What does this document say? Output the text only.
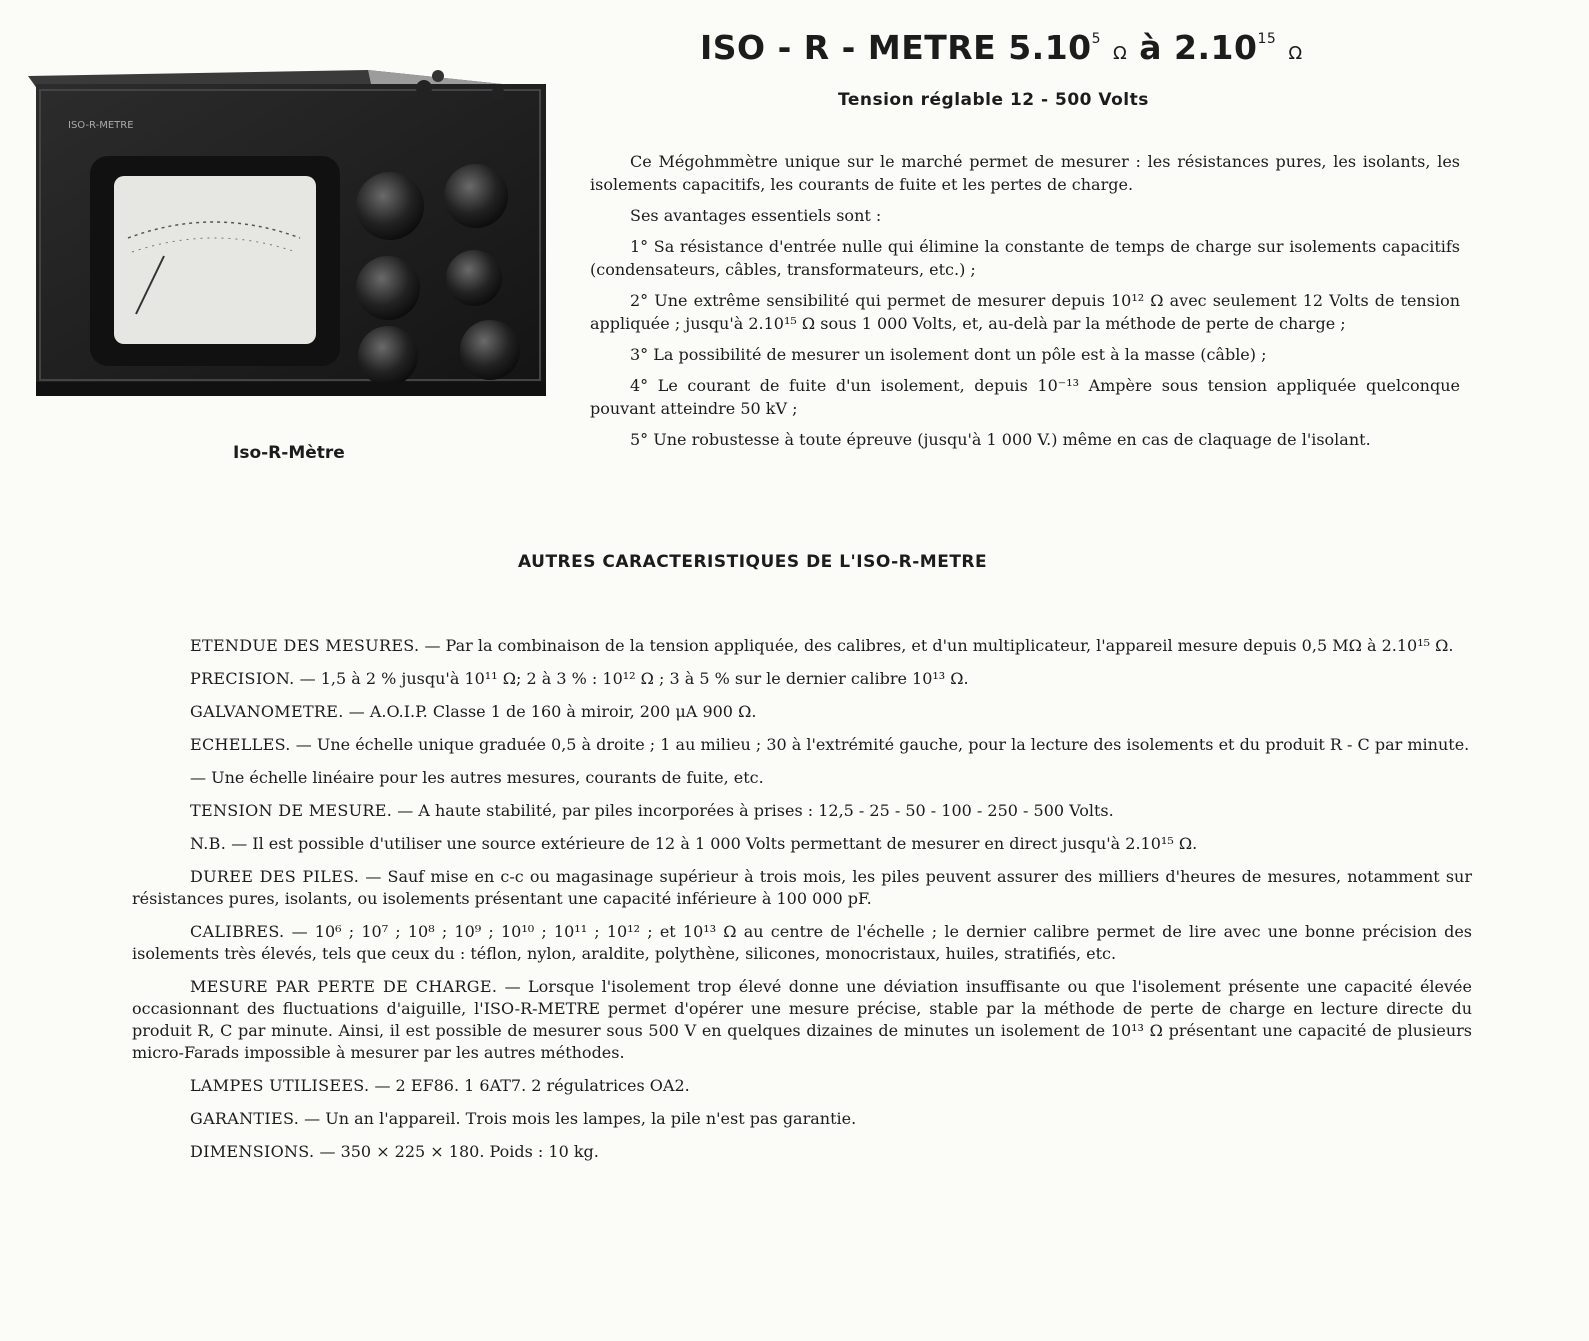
ISO - R - METRE 5.10$^5$ Ω à 2.10$^{15}$ Ω
Tension réglable 12 - 500 Volts
ISO-R-METRE
Iso-R-Mètre

Ce Mégohmmètre unique sur le marché permet de mesurer : les résistances pures, les isolants, les isolements capacitifs, les courants de fuite et les pertes de charge.

Ses avantages essentiels sont :

1° Sa résistance d'entrée nulle qui élimine la constante de temps de charge sur isolements capacitifs (condensateurs, câbles, transformateurs, etc.) ;

2° Une extrême sensibilité qui permet de mesurer depuis 10¹² Ω avec seulement 12 Volts de tension appliquée ; jusqu'à 2.10¹⁵ Ω sous 1 000 Volts, et, au-delà par la méthode de perte de charge ;

3° La possibilité de mesurer un isolement dont un pôle est à la masse (câble) ;

4° Le courant de fuite d'un isolement, depuis 10⁻¹³ Ampère sous tension appliquée quelconque pouvant atteindre 50 kV ;

5° Une robustesse à toute épreuve (jusqu'à 1 000 V.) même en cas de claquage de l'isolant.

AUTRES CARACTERISTIQUES DE L'ISO-R-METRE

ETENDUE DES MESURES. — Par la combinaison de la tension appliquée, des calibres, et d'un multiplicateur, l'appareil mesure depuis 0,5 MΩ à 2.10¹⁵ Ω.

PRECISION. — 1,5 à 2 % jusqu'à 10¹¹ Ω; 2 à 3 % : 10¹² Ω ; 3 à 5 % sur le dernier calibre 10¹³ Ω.

GALVANOMETRE. — A.O.I.P. Classe 1 de 160 à miroir, 200 μA 900 Ω.

ECHELLES. — Une échelle unique graduée 0,5 à droite ; 1 au milieu ; 30 à l'extrémité gauche, pour la lecture des isolements et du produit R - C par minute.

— Une échelle linéaire pour les autres mesures, courants de fuite, etc.

TENSION DE MESURE. — A haute stabilité, par piles incorporées à prises : 12,5 - 25 - 50 - 100 - 250 - 500 Volts.

N.B. — Il est possible d'utiliser une source extérieure de 12 à 1 000 Volts permettant de mesurer en direct jusqu'à 2.10¹⁵ Ω.

DUREE DES PILES. — Sauf mise en c-c ou magasinage supérieur à trois mois, les piles peuvent assurer des milliers d'heures de mesures, notamment sur résistances pures, isolants, ou isolements présentant une capacité inférieure à 100 000 pF.

CALIBRES. — 10⁶ ; 10⁷ ; 10⁸ ; 10⁹ ; 10¹⁰ ; 10¹¹ ; 10¹² ; et 10¹³ Ω au centre de l'échelle ; le dernier calibre permet de lire avec une bonne précision des isolements très élevés, tels que ceux du : téflon, nylon, araldite, polythène, silicones, monocristaux, huiles, stratifiés, etc.

MESURE PAR PERTE DE CHARGE. — Lorsque l'isolement trop élevé donne une déviation insuffisante ou que l'isolement présente une capacité élevée occasionnant des fluctuations d'aiguille, l'ISO-R-METRE permet d'opérer une mesure précise, stable par la méthode de perte de charge en lecture directe du produit R, C par minute. Ainsi, il est possible de mesurer sous 500 V en quelques dizaines de minutes un isolement de 10¹³ Ω présentant une capacité de plusieurs micro-Farads impossible à mesurer par les autres méthodes.

LAMPES UTILISEES. — 2 EF86. 1 6AT7. 2 régulatrices OA2.

GARANTIES. — Un an l'appareil. Trois mois les lampes, la pile n'est pas garantie.

DIMENSIONS. — 350 × 225 × 180. Poids : 10 kg.
